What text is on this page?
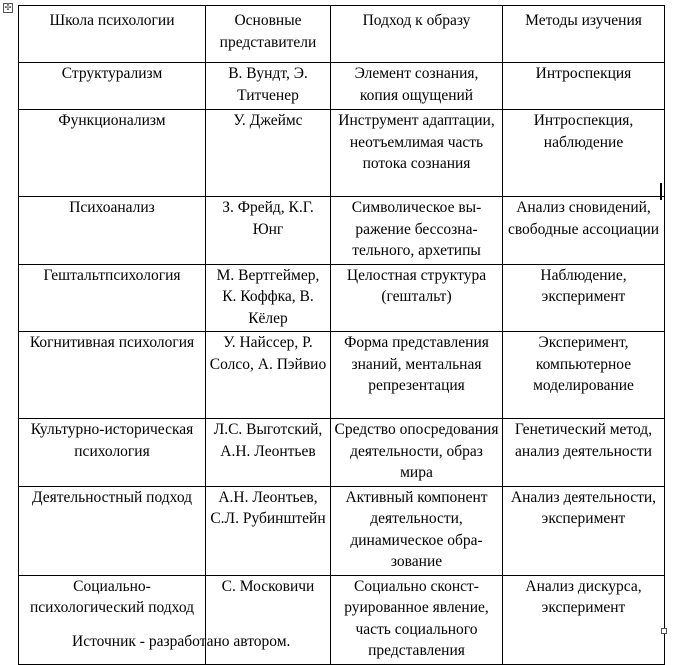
✣
Школа психологии	Основные представители	Подход к образу	Методы изучения
Структурализм	В. Вундт, Э. Титченер	Элемент сознания, копия ощущений	Интроспекция
Функционализм	У. Джеймс	Инструмент адаптации, неотъемлимая часть потока сознания	Интроспекция, наблюдение
Психоанализ	З. Фрейд, К.Г. Юнг	Символическое выражение бессознательного, архетипы	Анализ сновидений, свободные ассоциации
Гештальтпсихология	М. Вертгеймер, К. Коффка, В. Кёлер	Целостная структура (гештальт)	Наблюдение, эксперимент
Когнитивная психология	У. Найссер, Р. Солсо, А. Пэйвио	Форма представления знаний, ментальная репрезентация	Эксперимент, компьютерное моделирование
Культурно-историческая психология	Л.С. Выготский, А.Н. Леонтьев	Средство опосредования деятельности, образ мира	Генетический метод, анализ деятельности
Деятельностный подход	А.Н. Леонтьев, С.Л. Рубинштейн	Активный компонент деятельности, динамическое образование	Анализ деятельности, эксперимент
Социально-психологический подход	С. Московичи	Социально сконструированное явление, часть социального представления	Анализ дискурса, эксперимент
Источник - разработано автором.
